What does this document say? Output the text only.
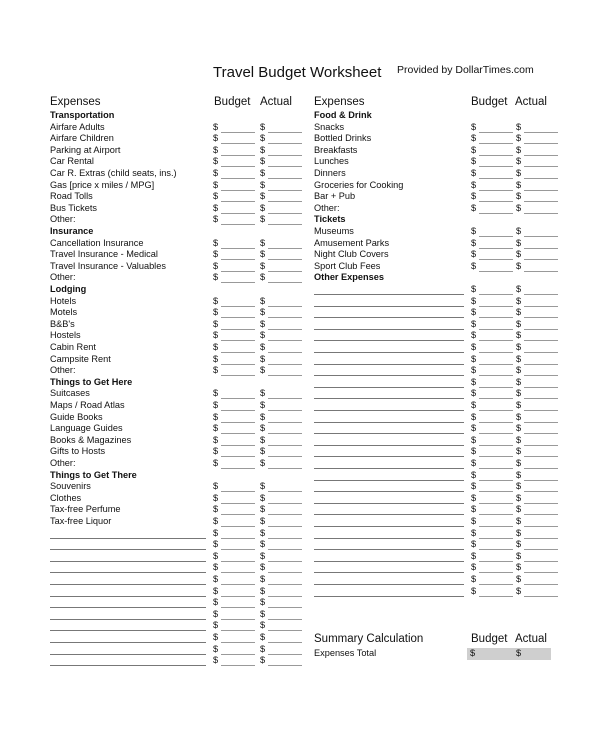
Travel Budget Worksheet Provided by DollarTimes.com
Expenses	Budget Actual Expenses	Budget Actual
Transportation
Airfare Adults	$	$
Airfare Children	$	$
Parking at Airport	$	$
Car Rental	$	$
Car R. Extras (child seats, ins.)	$	$
Gas [price x miles / MPG]	$	$
Road Tolls	$	$
Bus Tickets	$	$
Other:	$	$
Insurance
Cancellation Insurance	$	$
Travel Insurance - Medical	$	$
Travel Insurance - Valuables	$	$
Other:	$	$
Lodging
Hotels	$	$
Motels	$	$
B&B's	$	$
Hostels	$	$
Cabin Rent	$	$
Campsite Rent	$	$
Other:	$	$
Things to Get Here
Suitcases	$	$
Maps / Road Atlas	$	$
Guide Books	$	$
Language Guides	$	$
Books & Magazines	$	$
Gifts to Hosts	$	$
Other:	$	$
Things to Get There
Souvenirs	$	$
Clothes	$	$
Tax-free Perfume	$	$
Tax-free Liquor	$	$
$	$
$	$
$	$
$	$
$	$
$	$
$	$
$	$
$	$
$	$
$	$
$	$
Food & Drink
Snacks	$	$
Bottled Drinks	$	$
Breakfasts	$	$
Lunches	$	$
Dinners	$	$
Groceries for Cooking	$	$
Bar + Pub	$	$
Other:	$	$
Tickets
Museums	$	$
Amusement Parks	$	$
Night Club Covers	$	$
Sport Club Fees	$	$
Other Expenses
$	$
$	$
$	$
$	$
$	$
$	$
$	$
$	$
$	$
$	$
$	$
$	$
$	$
$	$
$	$
$	$
$	$
$	$
$	$
$	$
$	$
$	$
$	$
$	$
$	$
$	$
$	$
Summary Calculation	Budget Actual
Expenses Total	$	$
